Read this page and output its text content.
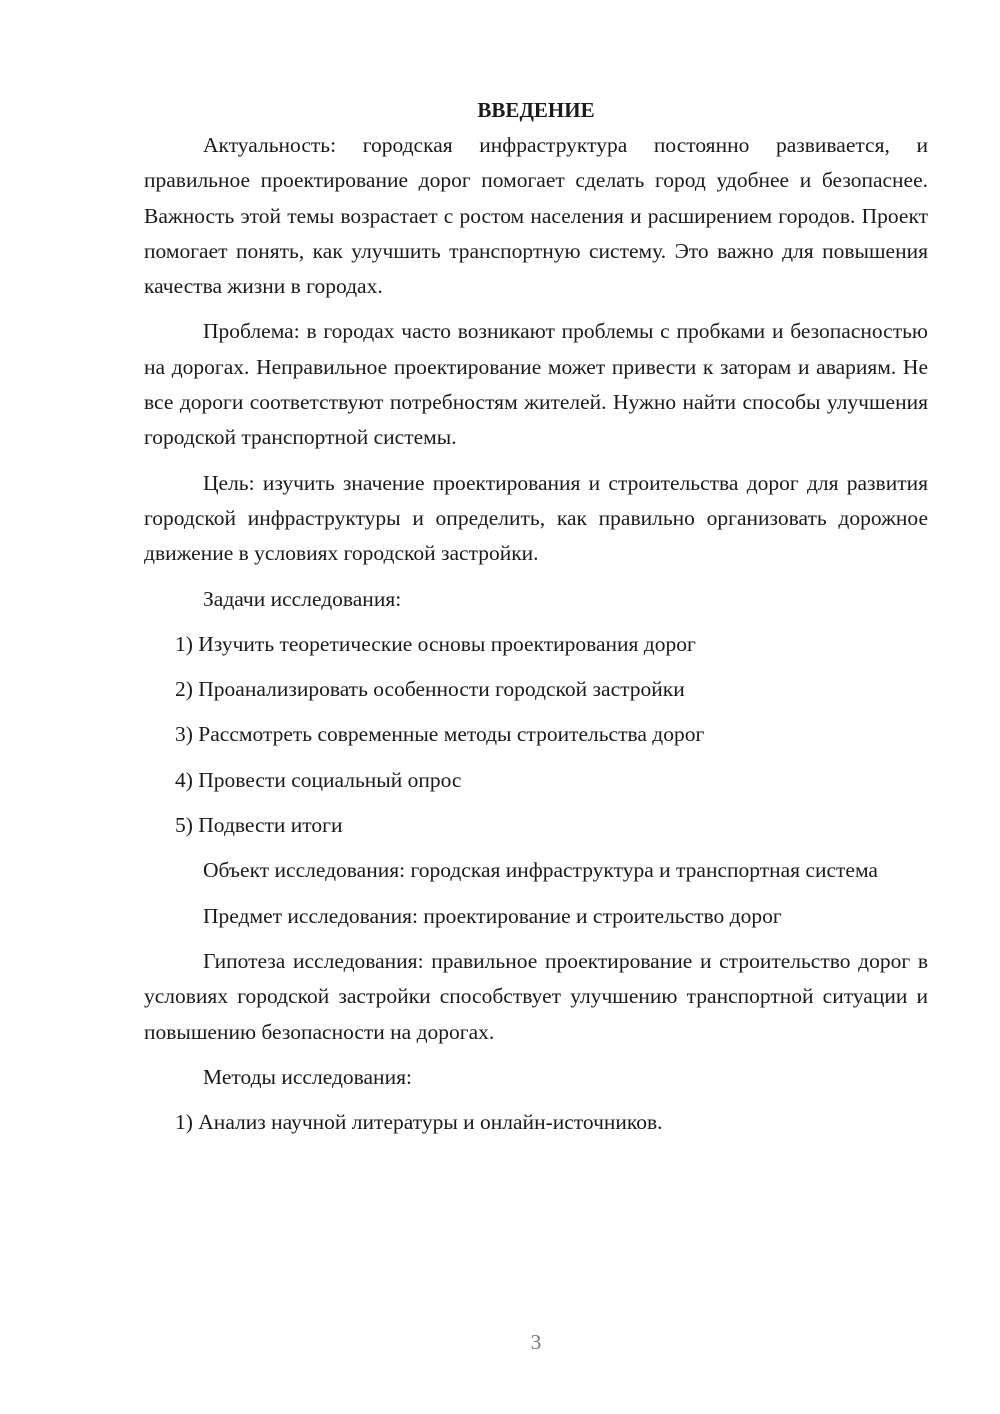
ВВЕДЕНИЕ

Актуальность: городская инфраструктура постоянно развивается, и правильное проектирование дорог помогает сделать город удобнее и безопаснее. Важность этой темы возрастает с ростом населения и расширением городов. Проект помогает понять, как улучшить транспортную систему. Это важно для повышения качества жизни в городах.

Проблема: в городах часто возникают проблемы с пробками и безопасностью на дорогах. Неправильное проектирование может привести к заторам и авариям. Не все дороги соответствуют потребностям жителей. Нужно найти способы улучшения городской транспортной системы.

Цель: изучить значение проектирования и строительства дорог для развития городской инфраструктуры и определить, как правильно организовать дорожное движение в условиях городской застройки.

Задачи исследования:

1) Изучить теоретические основы проектирования дорог

2) Проанализировать особенности городской застройки

3) Рассмотреть современные методы строительства дорог

4) Провести социальный опрос

5) Подвести итоги

Объект исследования: городская инфраструктура и транспортная система

Предмет исследования: проектирование и строительство дорог

Гипотеза исследования: правильное проектирование и строительство дорог в условиях городской застройки способствует улучшению транспортной ситуации и повышению безопасности на дорогах.

Методы исследования:

1) Анализ научной литературы и онлайн-источников.

3
